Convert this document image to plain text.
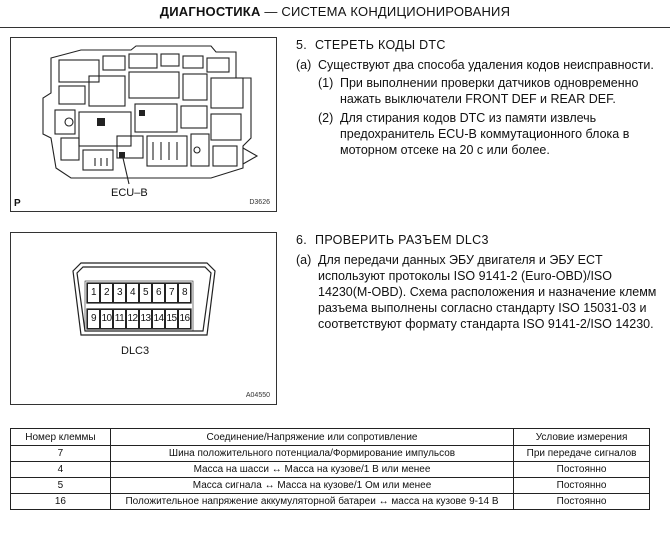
ДИАГНОСТИКА — СИСТЕМА КОНДИЦИОНИРОВАНИЯ
ECU–B
D3626
P
1 2 3 4 5 6 7 8
9 10 11 12 13 14 15 16
DLC3
A04550
5. СТЕРЕТЬ КОДЫ DTC
(a) Существуют два способа удаления кодов неисправности.
(1) При выполнении проверки датчиков одновременно нажать выключатели FRONT DEF и REAR DEF.
(2) Для стирания кодов DTC из памяти извлечь предохранитель ECU-B коммутационного блока в моторном отсеке на 20 с или более.
6. ПРОВЕРИТЬ РАЗЪЕМ DLC3
(a) Для передачи данных ЭБУ двигателя и ЭБУ ECT используют протоколы ISO 9141-2 (Euro-OBD)/ISO 14230(M-OBD). Схема расположения и назначение клемм разъема выполнены согласно стандарту ISO 15031-03 и соответствуют формату стандарта ISO 9141-2/ISO 14230.
Номер клеммы	Соединение/Напряжение или сопротивление	Условие измерения
7	Шина положительного потенциала/Формирование импульсов	При передаче сигналов
4	Масса на шасси ↔ Масса на кузове/1 В или менее	Постоянно
5	Масса сигнала ↔ Масса на кузове/1 Ом или менее	Постоянно
16	Положительное напряжение аккумуляторной батареи ↔ масса на кузове 9-14 В	Постоянно
